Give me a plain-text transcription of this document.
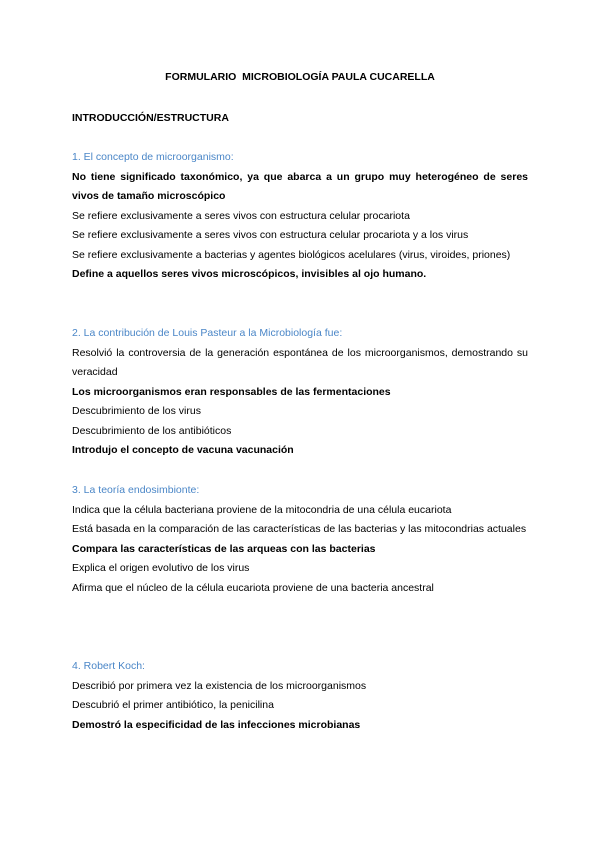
FORMULARIO  MICROBIOLOGÍA PAULA CUCARELLA
INTRODUCCIÓN/ESTRUCTURA

1. El concepto de microorganismo:

No tiene significado taxonómico, ya que abarca a un grupo muy heterogéneo de seres vivos de tamaño microscópico

Se refiere exclusivamente a seres vivos con estructura celular procariota

Se refiere exclusivamente a seres vivos con estructura celular procariota y a los virus

Se refiere exclusivamente a bacterias y agentes biológicos acelulares (virus, viroides, priones)

Define a aquellos seres vivos microscópicos, invisibles al ojo humano.

2. La contribución de Louis Pasteur a la Microbiología fue:

Resolvió la controversia de la generación espontánea de los microorganismos, demostrando su veracidad

Los microorganismos eran responsables de las fermentaciones

Descubrimiento de los virus

Descubrimiento de los antibióticos

Introdujo el concepto de vacuna vacunación

3. La teoría endosimbionte:

Indica que la célula bacteriana proviene de la mitocondria de una célula eucariota

Está basada en la comparación de las características de las bacterias y las mitocondrias actuales

Compara las características de las arqueas con las bacterias

Explica el origen evolutivo de los virus

Afirma que el núcleo de la célula eucariota proviene de una bacteria ancestral

4. Robert Koch:

Describió por primera vez la existencia de los microorganismos

Descubrió el primer antibiótico, la penicilina

Demostró la especificidad de las infecciones microbianas
